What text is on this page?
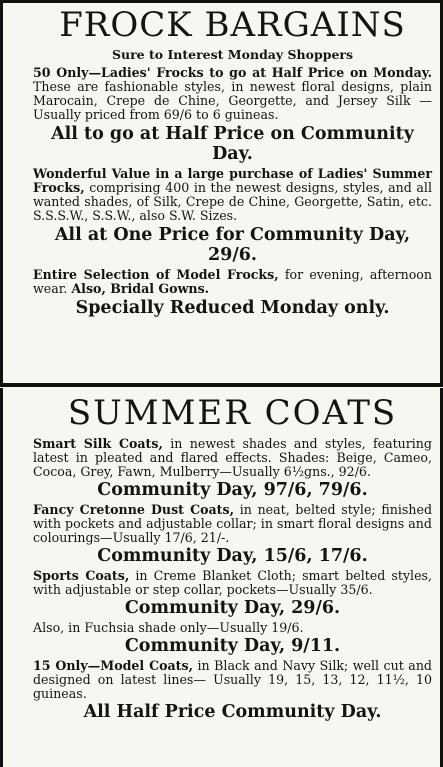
FROCK BARGAINS
Sure to Interest Monday Shoppers

50 Only—Ladies' Frocks to go at Half Price on Monday. These are fashionable styles, in newest floral designs, plain Marocain, Crepe de Chine, Georgette, and Jersey Silk —Usually priced from 69/6 to 6 guineas.

All to go at Half Price on Community Day.

Wonderful Value in a large purchase of Ladies' Summer Frocks, comprising 400 in the newest designs, styles, and all wanted shades, of Silk, Crepe de Chine, Georgette, Satin, etc. S.S.S.W., S.S.W., also S.W. Sizes.

All at One Price for Community Day, 29/6.

Entire Selection of Model Frocks, for evening, afternoon wear. Also, Bridal Gowns.

Specially Reduced Monday only.
SUMMER COATS

Smart Silk Coats, in newest shades and styles, featuring latest in pleated and flared effects. Shades: Beige, Cameo, Cocoa, Grey, Fawn, Mulberry—Usually 6½gns., 92/6.

Community Day, 97/6, 79/6.

Fancy Cretonne Dust Coats, in neat, belted style; finished with pockets and adjustable collar; in smart floral designs and colourings—Usually 17/6, 21/-.

Community Day, 15/6, 17/6.

Sports Coats, in Creme Blanket Cloth; smart belted styles, with adjustable or step collar, pockets—Usually 35/6.

Community Day, 29/6.

Also, in Fuchsia shade only—Usually 19/6.

Community Day, 9/11.

15 Only—Model Coats, in Black and Navy Silk; well cut and designed on latest lines— Usually 19, 15, 13, 12, 11½, 10 guineas.

All Half Price Community Day.
